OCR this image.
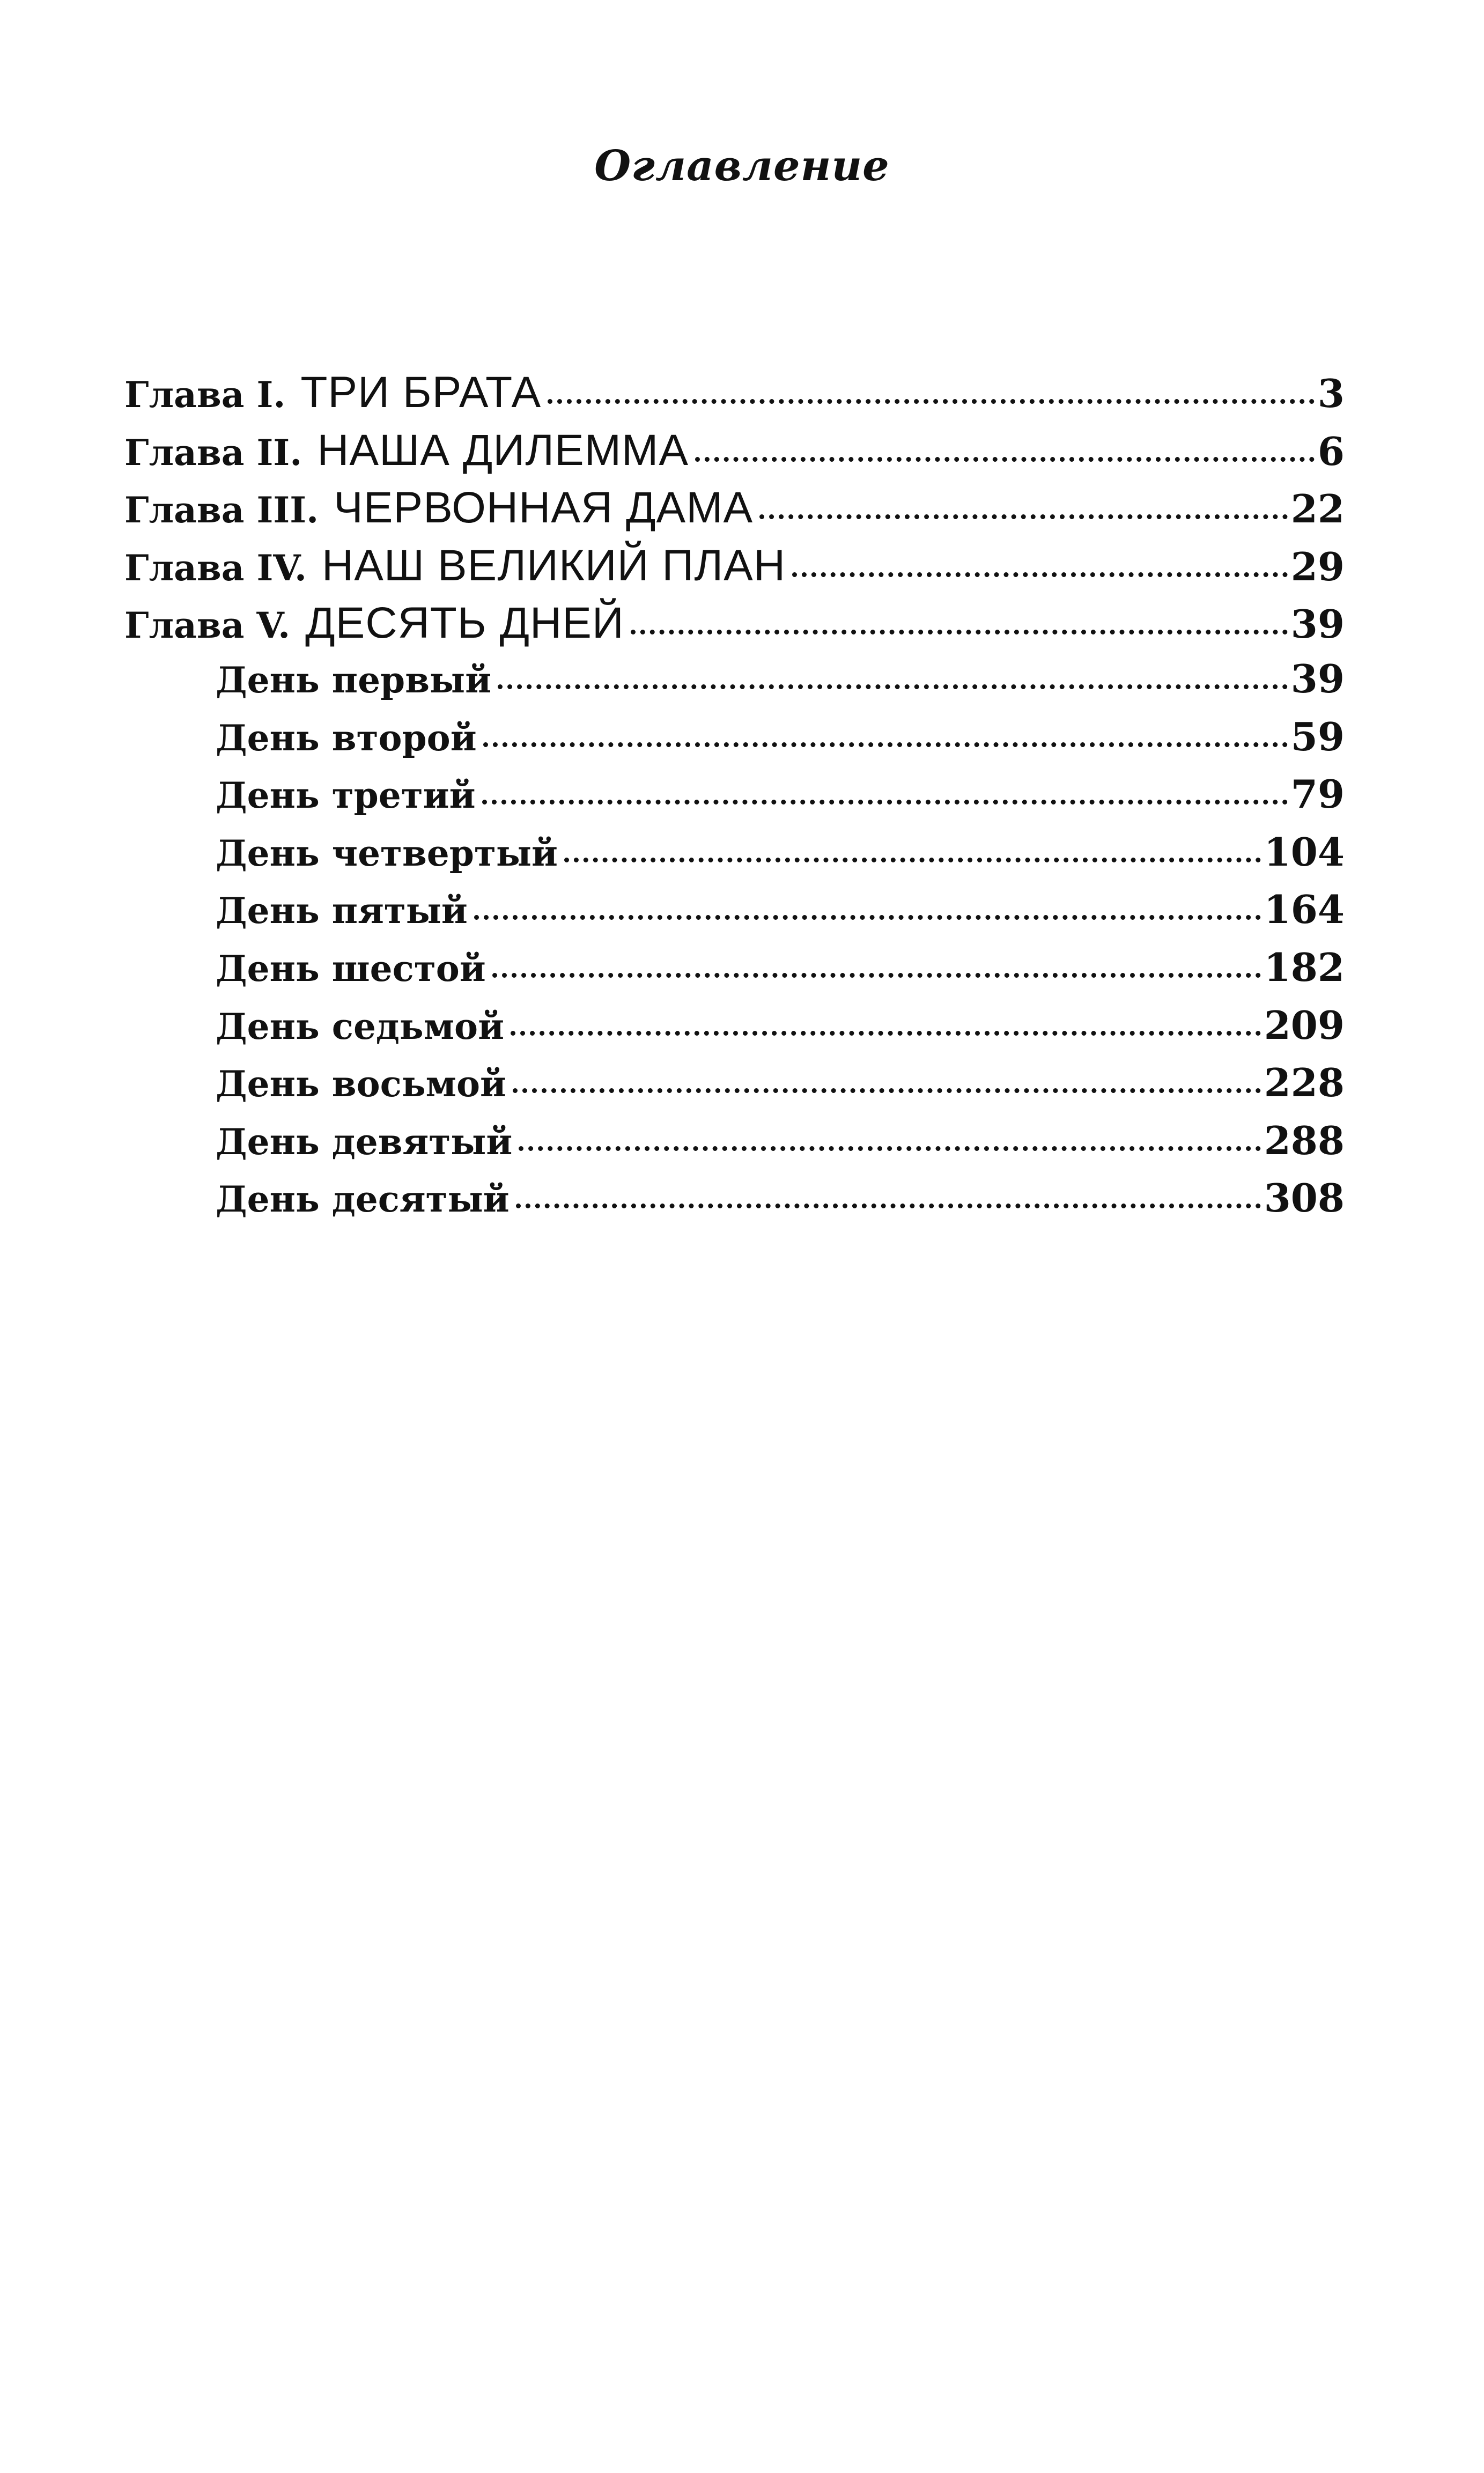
Оглавление
Глава I. ТРИ БРАТА	3
Глава II. НАША ДИЛЕММА	6
Глава III. ЧЕРВОННАЯ ДАМА	22
Глава IV. НАШ ВЕЛИКИЙ ПЛАН	29
Глава V. ДЕСЯТЬ ДНЕЙ	39
День первый	39
День второй	59
День третий	79
День четвертый	104
День пятый	164
День шестой	182
День седьмой	209
День восьмой	228
День девятый	288
День десятый	308
